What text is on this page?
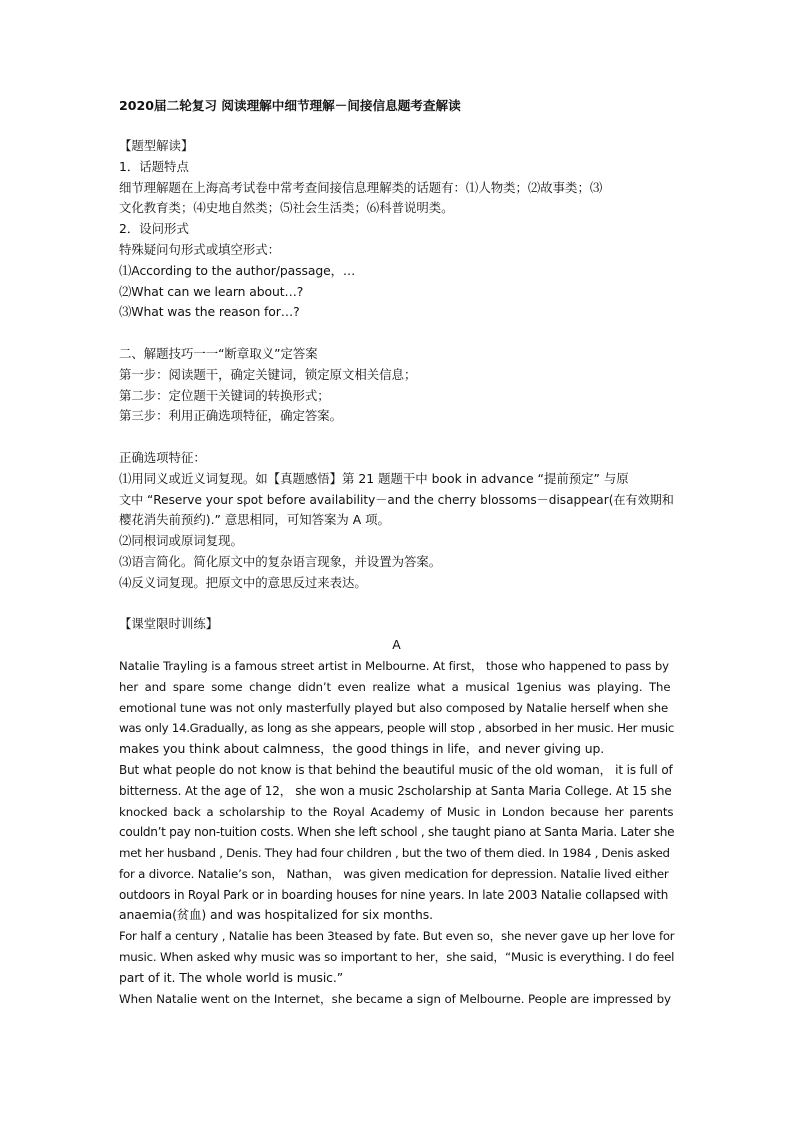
2020届二轮复习 阅读理解中细节理解－间接信息题考查解读

【题型解读】

1．话题特点

细节理解题在上海高考试卷中常考查间接信息理解类的话题有：⑴人物类；⑵故事类；⑶

文化教育类；⑷史地自然类；⑸社会生活类；⑹科普说明类。

2．设问形式

特殊疑问句形式或填空形式：

⑴According to the author/passage，…

⑵What can we learn about…?

⑶What was the reason for…?

二、解题技巧一一“断章取义”定答案

第一步：阅读题干，确定关键词，锁定原文相关信息；

第二步：定位题干关键词的转换形式；

第三步：利用正确选项特征，确定答案。

正确选项特征：

⑴用同义或近义词复现。如【真题感悟】第 21 题题干中 book in advance “提前预定” 与原

文中 “Reserve your spot before availability－and the cherry blossoms－disappear(在有效期和

樱花消失前预约).” 意思相同，可知答案为 A 项。

⑵同根词或原词复现。

⑶语言简化。简化原文中的复杂语言现象，并设置为答案。

⑷反义词复现。把原文中的意思反过来表达。

【课堂限时训练】

A

Natalie Trayling is a famous street artist in Melbourne. At first， those who happened to pass by

her and spare some change didn’t even realize what a musical 1genius was playing. The

emotional tune was not only masterfully played but also composed by Natalie herself when she

was only 14.Gradually, as long as she appears, people will stop , absorbed in her music. Her music

makes you think about calmness，the good things in life，and never giving up.

But what people do not know is that behind the beautiful music of the old woman， it is full of

bitterness. At the age of 12， she won a music 2scholarship at Santa Maria College. At 15 she

knocked back a scholarship to the Royal Academy of Music in London because her parents

couldn’t pay non-tuition costs. When she left school , she taught piano at Santa Maria. Later she

met her husband , Denis. They had four children , but the two of them died. In 1984 , Denis asked

for a divorce. Natalie’s son， Nathan， was given medication for depression. Natalie lived either

outdoors in Royal Park or in boarding houses for nine years. In late 2003 Natalie collapsed with

anaemia(贫血) and was hospitalized for six months.

For half a century , Natalie has been 3teased by fate. But even so，she never gave up her love for

music. When asked why music was so important to her，she said，“Music is everything. I do feel

part of it. The whole world is music.”

When Natalie went on the Internet，she became a sign of Melbourne. People are impressed by
